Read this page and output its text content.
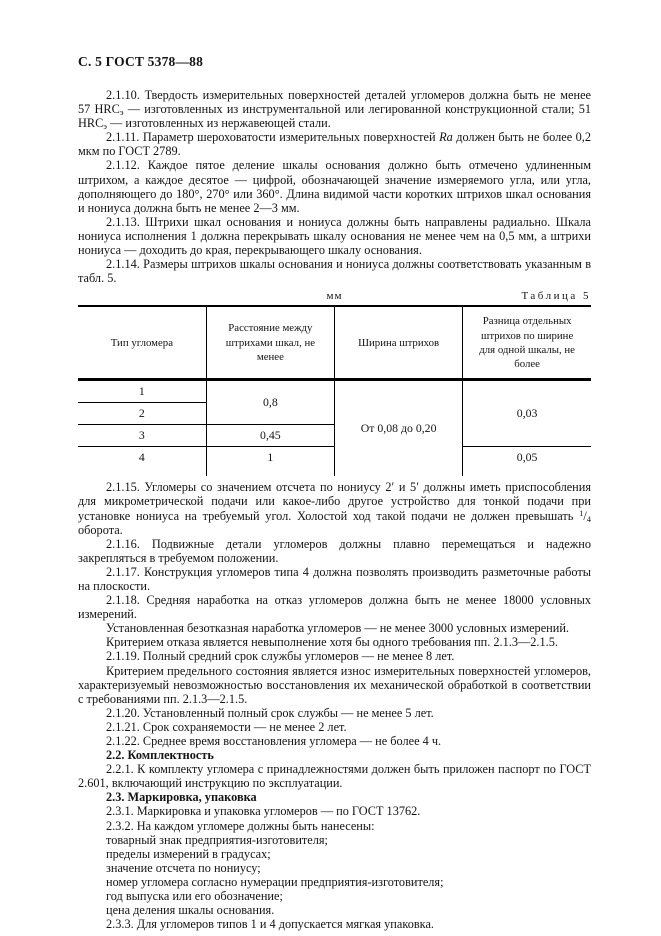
С. 5 ГОСТ 5378—88

2.1.10. Твердость измерительных поверхностей деталей угломеров должна быть не менее 57 $HRC_э$ — изготовленных из инструментальной или легированной конструкционной стали; 51 $HRC_э$ — изготовленных из нержавеющей стали.

2.1.11. Параметр шероховатости измерительных поверхностей Ra должен быть не более 0,2 мкм по ГОСТ 2789.

2.1.12. Каждое пятое деление шкалы основания должно быть отмечено удлиненным штрихом, а каждое десятое — цифрой, обозначающей значение измеряемого угла, или угла, дополняющего до 180°, 270° или 360°. Длина видимой части коротких штрихов шкал основания и нониуса должна быть не менее 2—3 мм.

2.1.13. Штрихи шкал основания и нониуса должны быть направлены радиально. Шкала нониуса исполнения 1 должна перекрывать шкалу основания не менее чем на 0,5 мм, а штрихи нониуса — доходить до края, перекрывающего шкалу основания.

2.1.14. Размеры штрихов шкалы основания и нониуса должны соответствовать указанным в табл. 5.

мм	Таблица 5
Тип угломера	Расстояние между штрихами шкал, не менее	Ширина штрихов	Разница отдельных штрихов по ширине для одной шкалы, не более
1	0,8	От 0,08 до 0,20	0,03
2			
3	0,45		
4	1		0,05

2.1.15. Угломеры со значением отсчета по нониусу 2′ и 5′ должны иметь приспособления для микрометрической подачи или какое-либо другое устройство для тонкой подачи при установке нониуса на требуемый угол. Холостой ход такой подачи не должен превышать $^1/_4$ оборота.

2.1.16. Подвижные детали угломеров должны плавно перемещаться и надежно закрепляться в требуемом положении.

2.1.17. Конструкция угломеров типа 4 должна позволять производить разметочные работы на плоскости.

2.1.18. Средняя наработка на отказ угломеров должна быть не менее 18000 условных измерений.

Установленная безотказная наработка угломеров — не менее 3000 условных измерений.

Критерием отказа является невыполнение хотя бы одного требования пп. 2.1.3—2.1.5.

2.1.19. Полный средний срок службы угломеров — не менее 8 лет.

Критерием предельного состояния является износ измерительных поверхностей угломеров, характеризуемый невозможностью восстановления их механической обработкой в соответствии с требованиями пп. 2.1.3—2.1.5.

2.1.20. Установленный полный срок службы — не менее 5 лет.

2.1.21. Срок сохраняемости — не менее 2 лет.

2.1.22. Среднее время восстановления угломера — не более 4 ч.

2.2. Комплектность

2.2.1. К комплекту угломера с принадлежностями должен быть приложен паспорт по ГОСТ 2.601, включающий инструкцию по эксплуатации.

2.3. Маркировка, упаковка

2.3.1. Маркировка и упаковка угломеров — по ГОСТ 13762.

2.3.2. На каждом угломере должны быть нанесены:

товарный знак предприятия-изготовителя;

пределы измерений в градусах;

значение отсчета по нониусу;

номер угломера согласно нумерации предприятия-изготовителя;

год выпуска или его обозначение;

цена деления шкалы основания.

2.3.3. Для угломеров типов 1 и 4 допускается мягкая упаковка.
